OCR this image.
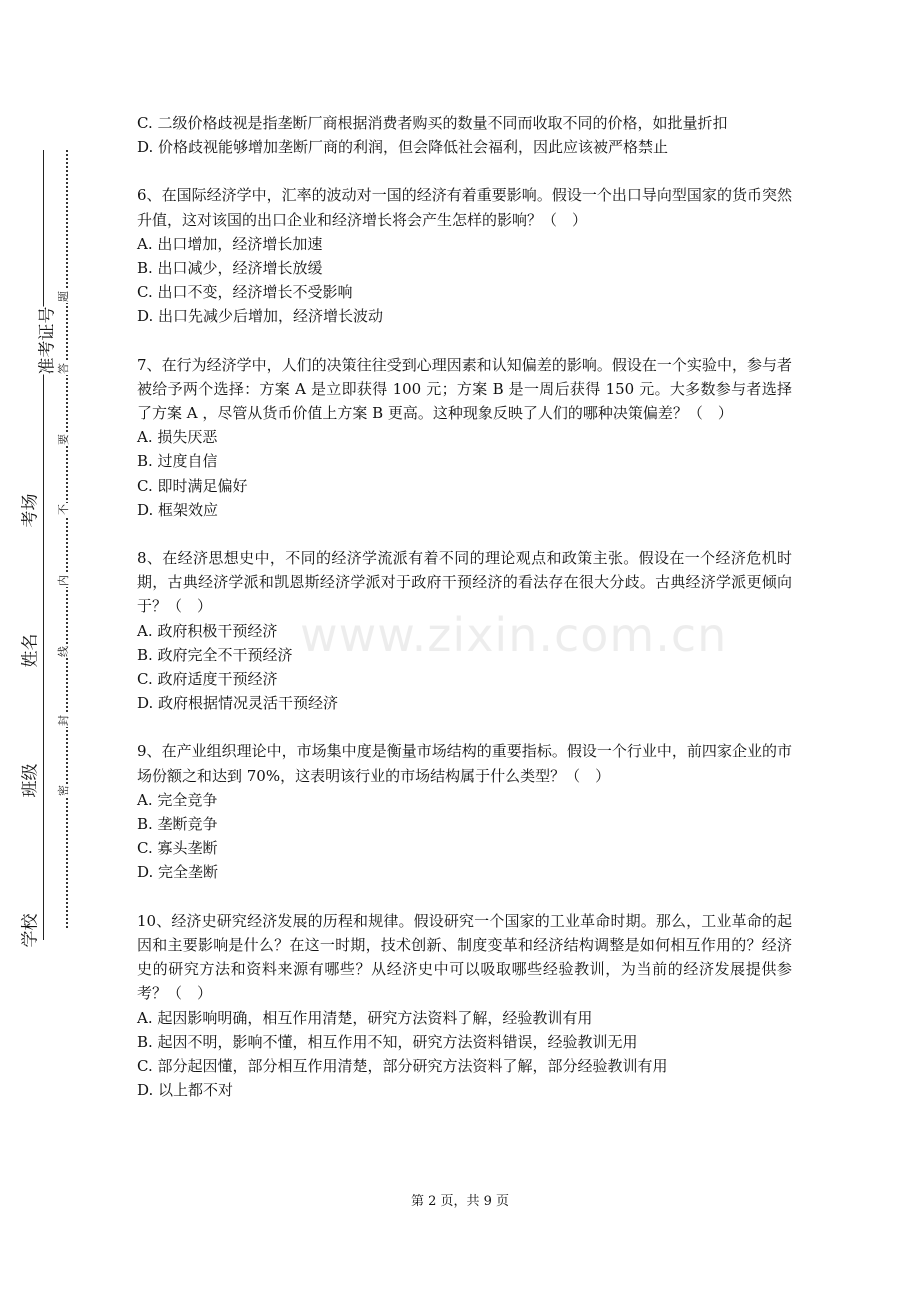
准考证号
考场
姓名
班级
学校
题
答
要
不
内
线
封
密
www.zixin.com.cn

C. 二级价格歧视是指垄断厂商根据消费者购买的数量不同而收取不同的价格，如批量折扣

D. 价格歧视能够增加垄断厂商的利润，但会降低社会福利，因此应该被严格禁止

6、在国际经济学中，汇率的波动对一国的经济有着重要影响。假设一个出口导向型国家的货币突然升值，这对该国的出口企业和经济增长将会产生怎样的影响？（　）

A. 出口增加，经济增长加速

B. 出口减少，经济增长放缓

C. 出口不变，经济增长不受影响

D. 出口先减少后增加，经济增长波动

7、在行为经济学中，人们的决策往往受到心理因素和认知偏差的影响。假设在一个实验中，参与者被给予两个选择：方案 A 是立即获得 100 元；方案 B 是一周后获得 150 元。大多数参与者选择了方案 A ，尽管从货币价值上方案 B 更高。这种现象反映了人们的哪种决策偏差？（　）

A. 损失厌恶

B. 过度自信

C. 即时满足偏好

D. 框架效应

8、在经济思想史中，不同的经济学流派有着不同的理论观点和政策主张。假设在一个经济危机时期，古典经济学派和凯恩斯经济学派对于政府干预经济的看法存在很大分歧。古典经济学派更倾向于？（　）

A. 政府积极干预经济

B. 政府完全不干预经济

C. 政府适度干预经济

D. 政府根据情况灵活干预经济

9、在产业组织理论中，市场集中度是衡量市场结构的重要指标。假设一个行业中，前四家企业的市场份额之和达到 70%，这表明该行业的市场结构属于什么类型？（　）

A. 完全竞争

B. 垄断竞争

C. 寡头垄断

D. 完全垄断

10、经济史研究经济发展的历程和规律。假设研究一个国家的工业革命时期。那么，工业革命的起因和主要影响是什么？在这一时期，技术创新、制度变革和经济结构调整是如何相互作用的？经济史的研究方法和资料来源有哪些？从经济史中可以吸取哪些经验教训，为当前的经济发展提供参考？（　）

A. 起因影响明确，相互作用清楚，研究方法资料了解，经验教训有用

B. 起因不明，影响不懂，相互作用不知，研究方法资料错误，经验教训无用

C. 部分起因懂，部分相互作用清楚，部分研究方法资料了解，部分经验教训有用

D. 以上都不对

第 2 页，共 9 页
